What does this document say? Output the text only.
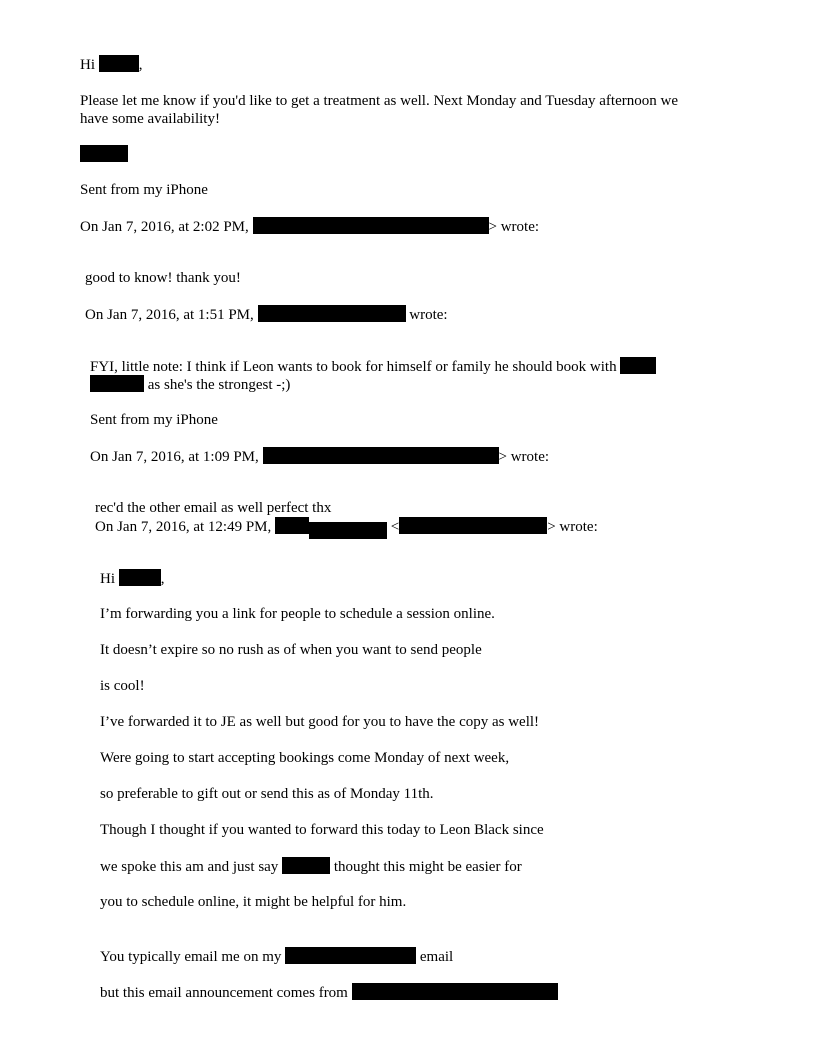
Hi	,
Please let me know if you'd like to get a treatment as well. Next Monday and Tuesday afternoon we
have some availability!
Sent from my iPhone
On Jan 7, 2016, at 2:02 PM,	> wrote:
good to know! thank you!
On Jan 7, 2016, at 1:51 PM,	wrote:
FYI, little note: I think if Leon wants to book for himself or family he should book with
as she's the strongest -;)
Sent from my iPhone
On Jan 7, 2016, at 1:09 PM,	> wrote:
rec'd the other email as well perfect thx
On Jan 7, 2016, at 12:49 PM,	<	> wrote:
Hi	,
I’m forwarding you a link for people to schedule a session online.
It doesn’t expire so no rush as of when you want to send people
is cool!
I’ve forwarded it to JE as well but good for you to have the copy as well!
Were going to start accepting bookings come Monday of next week,
so preferable to gift out or send this as of Monday 11th.
Though I thought if you wanted to forward this today to Leon Black since
we spoke this am and just say	thought this might be easier for
you to schedule online, it might be helpful for him.
You typically email me on my	email
but this email announcement comes from
